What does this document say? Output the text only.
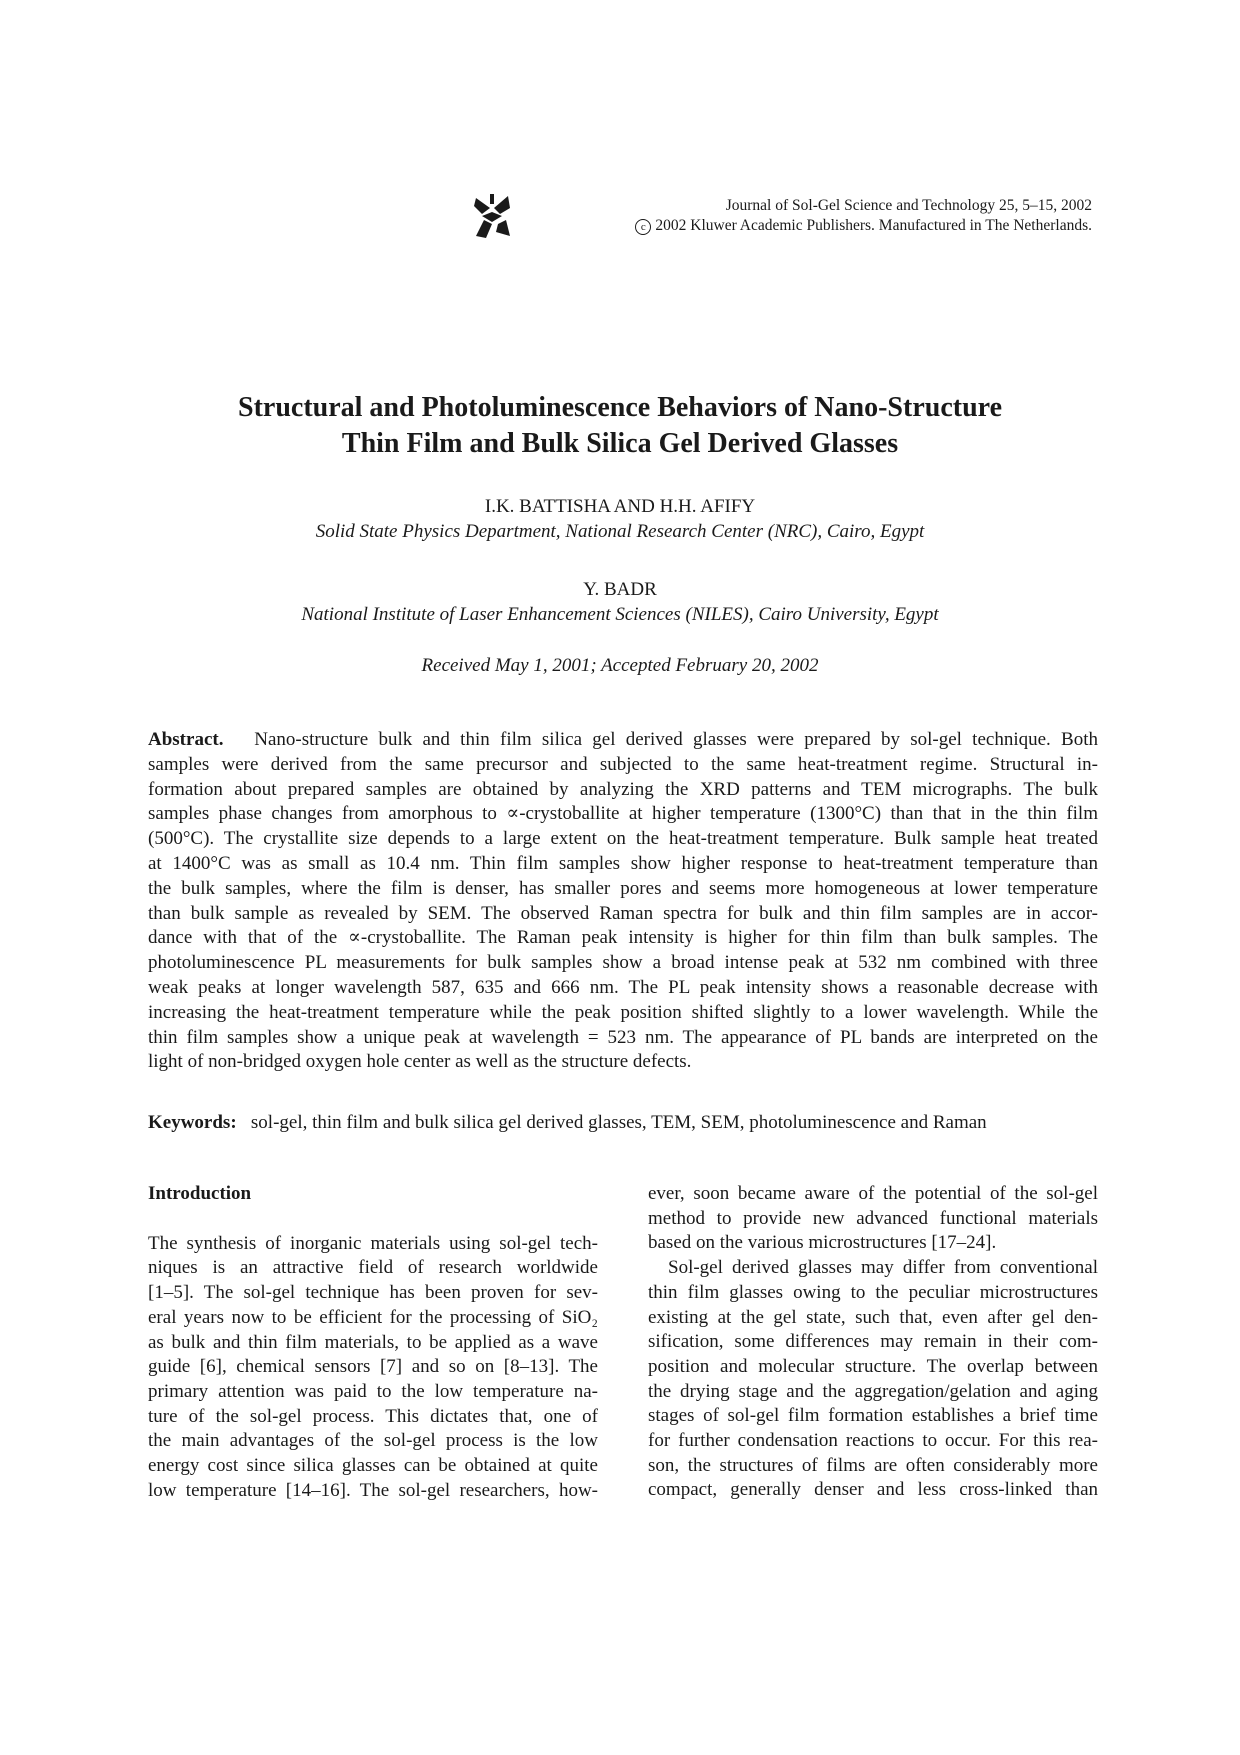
Journal of Sol-Gel Science and Technology 25, 5–15, 2002
c 2002 Kluwer Academic Publishers. Manufactured in The Netherlands.
Structural and Photoluminescence Behaviors of Nano-Structure
Thin Film and Bulk Silica Gel Derived Glasses
I.K. BATTISHA AND H.H. AFIFY
Solid State Physics Department, National Research Center (NRC), Cairo, Egypt
Y. BADR
National Institute of Laser Enhancement Sciences (NILES), Cairo University, Egypt
Received May 1, 2001; Accepted February 20, 2002
Abstract. Nano-structure bulk and thin film silica gel derived glasses were prepared by sol-gel technique. Both
samples were derived from the same precursor and subjected to the same heat-treatment regime. Structural in-
formation about prepared samples are obtained by analyzing the XRD patterns and TEM micrographs. The bulk
samples phase changes from amorphous to ∝-crystoballite at higher temperature (1300°C) than that in the thin film
(500°C). The crystallite size depends to a large extent on the heat-treatment temperature. Bulk sample heat treated
at 1400°C was as small as 10.4 nm. Thin film samples show higher response to heat-treatment temperature than
the bulk samples, where the film is denser, has smaller pores and seems more homogeneous at lower temperature
than bulk sample as revealed by SEM. The observed Raman spectra for bulk and thin film samples are in accor-
dance with that of the ∝-crystoballite. The Raman peak intensity is higher for thin film than bulk samples. The
photoluminescence PL measurements for bulk samples show a broad intense peak at 532 nm combined with three
weak peaks at longer wavelength 587, 635 and 666 nm. The PL peak intensity shows a reasonable decrease with
increasing the heat-treatment temperature while the peak position shifted slightly to a lower wavelength. While the
thin film samples show a unique peak at wavelength = 523 nm. The appearance of PL bands are interpreted on the
light of non-bridged oxygen hole center as well as the structure defects.
Keywords: sol-gel, thin film and bulk silica gel derived glasses, TEM, SEM, photoluminescence and Raman
Introduction
The synthesis of inorganic materials using sol-gel tech-
niques is an attractive field of research worldwide
[1–5]. The sol-gel technique has been proven for sev-
eral years now to be efficient for the processing of SiO₂
as bulk and thin film materials, to be applied as a wave
guide [6], chemical sensors [7] and so on [8–13]. The
primary attention was paid to the low temperature na-
ture of the sol-gel process. This dictates that, one of
the main advantages of the sol-gel process is the low
energy cost since silica glasses can be obtained at quite
low temperature [14–16]. The sol-gel researchers, how-
ever, soon became aware of the potential of the sol-gel
method to provide new advanced functional materials
based on the various microstructures [17–24].
Sol-gel derived glasses may differ from conventional
thin film glasses owing to the peculiar microstructures
existing at the gel state, such that, even after gel den-
sification, some differences may remain in their com-
position and molecular structure. The overlap between
the drying stage and the aggregation/gelation and aging
stages of sol-gel film formation establishes a brief time
for further condensation reactions to occur. For this rea-
son, the structures of films are often considerably more
compact, generally denser and less cross-linked than
